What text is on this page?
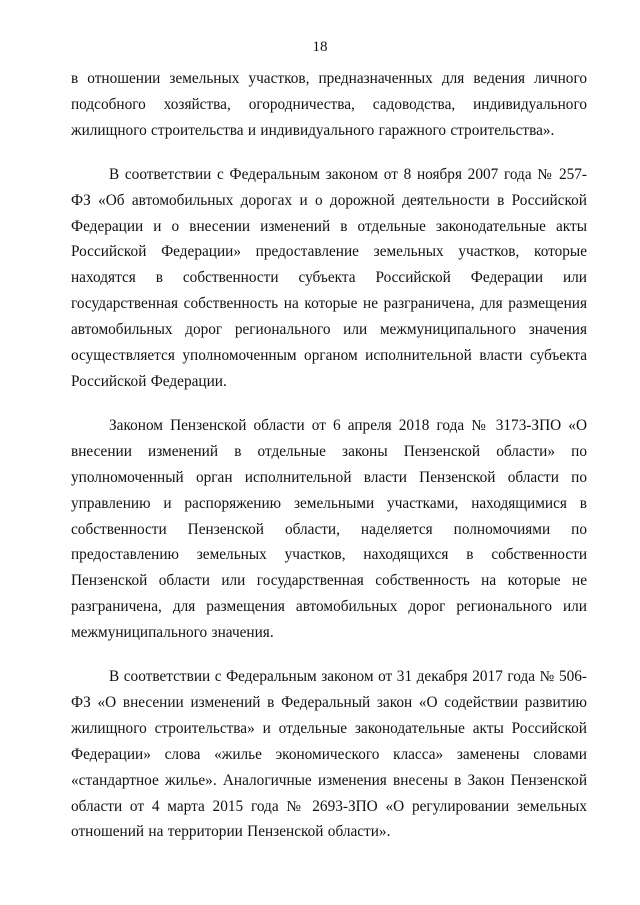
18

в отношении земельных участков, предназначенных для ведения личного подсобного хозяйства, огородничества, садоводства, индивидуального жилищного строительства и индивидуального гаражного строительства».

В соответствии с Федеральным законом от 8 ноября 2007 года № 257-ФЗ «Об автомобильных дорогах и о дорожной деятельности в Российской Федерации и о внесении изменений в отдельные законодательные акты Российской Федерации» предоставление земельных участков, которые находятся в собственности субъекта Российской Федерации или государственная собственность на которые не разграничена, для размещения автомобильных дорог регионального или межмуниципального значения осуществляется уполномоченным органом исполнительной власти субъекта Российской Федерации.

Законом Пензенской области от 6 апреля 2018 года № 3173-ЗПО «О внесении изменений в отдельные законы Пензенской области» по уполномоченный орган исполнительной власти Пензенской области по управлению и распоряжению земельными участками, находящимися в собственности Пензенской области, наделяется полномочиями по предоставлению земельных участков, находящихся в собственности Пензенской области или государственная собственность на которые не разграничена, для размещения автомобильных дорог регионального или межмуниципального значения.

В соответствии с Федеральным законом от 31 декабря 2017 года № 506-ФЗ «О внесении изменений в Федеральный закон «О содействии развитию жилищного строительства» и отдельные законодательные акты Российской Федерации» слова «жилье экономического класса» заменены словами «стандартное жилье». Аналогичные изменения внесены в Закон Пензенской области от 4 марта 2015 года № 2693-ЗПО «О регулировании земельных отношений на территории Пензенской области».
